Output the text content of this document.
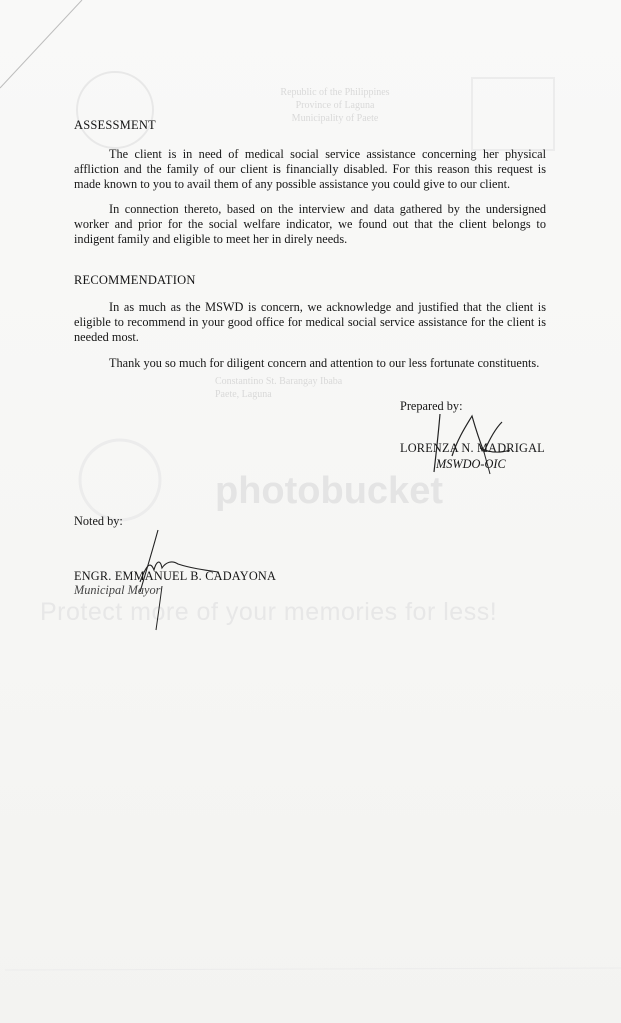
Republic of the Philippines
Province of Laguna
Municipality of Paete
Constantino St. Barangay Ibaba
Paete, Laguna
photobucket
Protect more of your memories for less!
ASSESSMENT
The client is in need of medical social service assistance concerning her physical affliction and the family of our client is financially disabled. For this reason this request is made known to you to avail them of any possible assistance you could give to our client.
In connection thereto, based on the interview and data gathered by the undersigned worker and prior for the social welfare indicator, we found out that the client belongs to indigent family and eligible to meet her in direly needs.
RECOMMENDATION
In as much as the MSWD is concern, we acknowledge and justified that the client is eligible to recommend in your good office for medical social service assistance for the client is needed most.
Thank you so much for diligent concern and attention to our less fortunate constituents.
Prepared by:
LORENZA N. MADRIGAL
MSWDO-OIC
Noted by:
ENGR. EMMANUEL B. CADAYONA
Municipal Mayor
